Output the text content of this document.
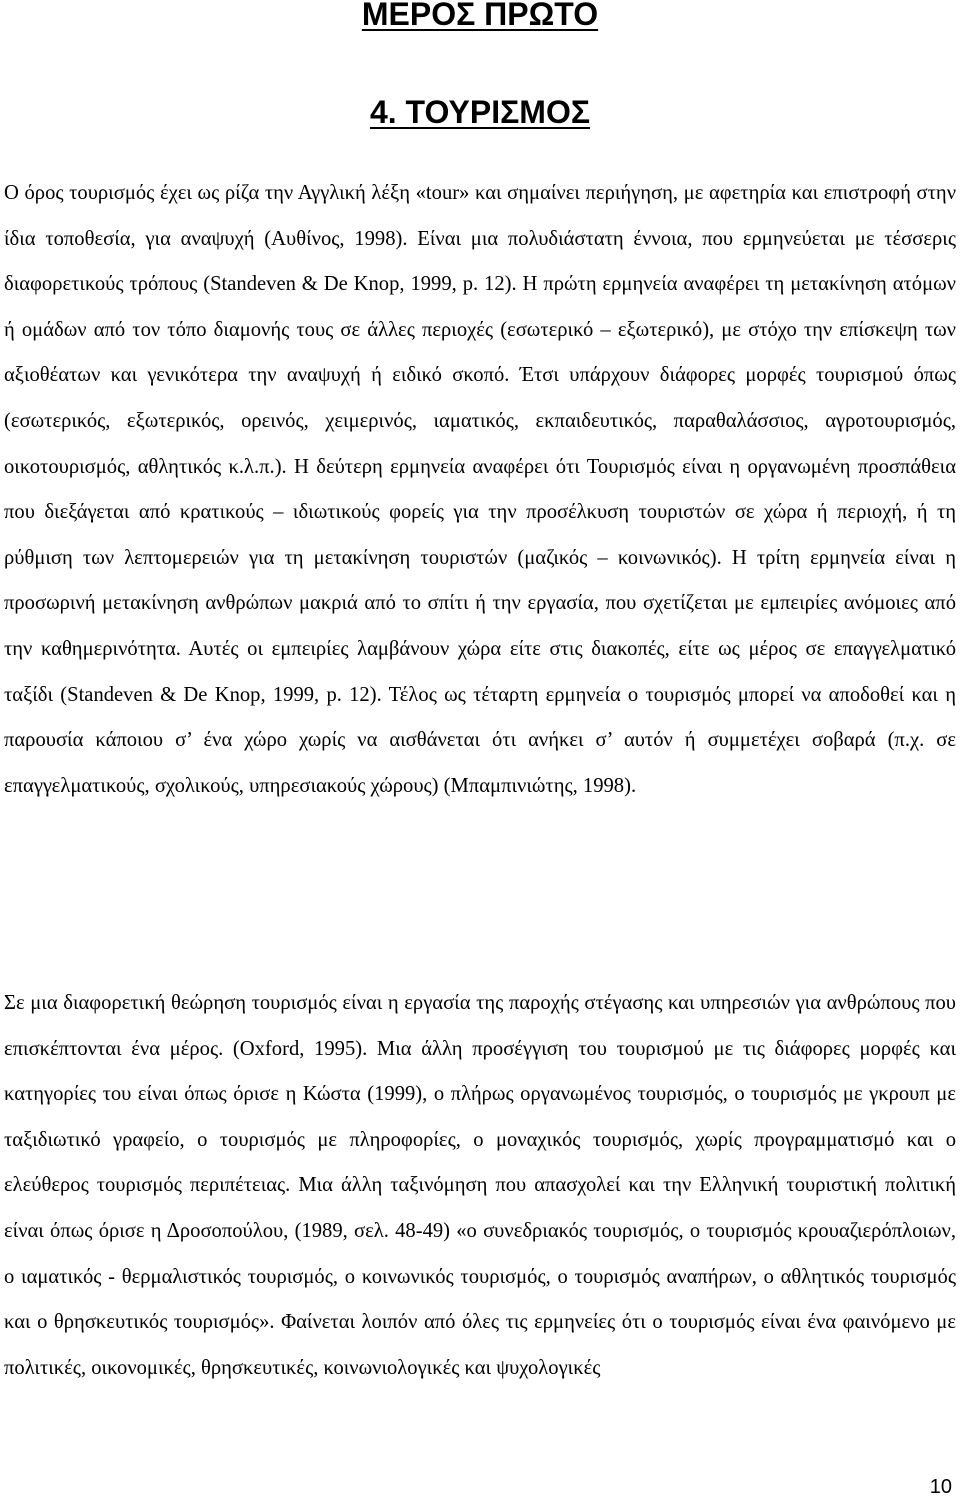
ΜΕΡΟΣ ΠΡΩΤΟ
4. ΤΟΥΡΙΣΜΟΣ

Ο όρος τουρισμός έχει ως ρίζα την Αγγλική λέξη «tour» και σημαίνει περιήγηση, με αφετηρία και επιστροφή στην ίδια τοποθεσία, για αναψυχή (Αυθίνος, 1998). Είναι μια πολυδιάστατη έννοια, που ερμηνεύεται με τέσσερις διαφορετικούς τρόπους (Standeven & De Knop, 1999, p. 12). Η πρώτη ερμηνεία αναφέρει τη μετακίνηση ατόμων ή ομάδων από τον τόπο διαμονής τους σε άλλες περιοχές (εσωτερικό – εξωτερικό), με στόχο την επίσκεψη των αξιοθέατων και γενικότερα την αναψυχή ή ειδικό σκοπό. Έτσι υπάρχουν διάφορες μορφές τουρισμού όπως (εσωτερικός, εξωτερικός, ορεινός, χειμερινός, ιαματικός, εκπαιδευτικός, παραθαλάσσιος, αγροτουρισμός, οικοτουρισμός, αθλητικός κ.λ.π.). Η δεύτερη ερμηνεία αναφέρει ότι Τουρισμός είναι η οργανωμένη προσπάθεια που διεξάγεται από κρατικούς – ιδιωτικούς φορείς για την προσέλκυση τουριστών σε χώρα ή περιοχή, ή τη ρύθμιση των λεπτομερειών για τη μετακίνηση τουριστών (μαζικός – κοινωνικός). Η τρίτη ερμηνεία είναι η προσωρινή μετακίνηση ανθρώπων μακριά από το σπίτι ή την εργασία, που σχετίζεται με εμπειρίες ανόμοιες από την καθημερινότητα. Αυτές οι εμπειρίες λαμβάνουν χώρα είτε στις διακοπές, είτε ως μέρος σε επαγγελματικό ταξίδι (Standeven & De Knop, 1999, p. 12). Τέλος ως τέταρτη ερμηνεία ο τουρισμός μπορεί να αποδοθεί και η παρουσία κάποιου σ’ ένα χώρο χωρίς να αισθάνεται ότι ανήκει σ’ αυτόν ή συμμετέχει σοβαρά (π.χ. σε επαγγελματικούς, σχολικούς, υπηρεσιακούς χώρους) (Μπαμπινιώτης, 1998).

Σε μια διαφορετική θεώρηση τουρισμός είναι η εργασία της παροχής στέγασης και υπηρεσιών για ανθρώπους που επισκέπτονται ένα μέρος. (Oxford, 1995). Μια άλλη προσέγγιση του τουρισμού με τις διάφορες μορφές και κατηγορίες του είναι όπως όρισε η Κώστα (1999), ο πλήρως οργανωμένος τουρισμός, ο τουρισμός με γκρουπ με ταξιδιωτικό γραφείο, ο τουρισμός με πληροφορίες, ο μοναχικός τουρισμός, χωρίς προγραμματισμό και ο ελεύθερος τουρισμός περιπέτειας. Μια άλλη ταξινόμηση που απασχολεί και την Ελληνική τουριστική πολιτική είναι όπως όρισε η Δροσοπούλου, (1989, σελ. 48-49) «ο συνεδριακός τουρισμός, ο τουρισμός κρουαζιερόπλοιων, ο ιαματικός - θερμαλιστικός τουρισμός, ο κοινωνικός τουρισμός, ο τουρισμός αναπήρων, ο αθλητικός τουρισμός και ο θρησκευτικός τουρισμός». Φαίνεται λοιπόν από όλες τις ερμηνείες ότι ο τουρισμός είναι ένα φαινόμενο με πολιτικές, οικονομικές, θρησκευτικές, κοινωνιολογικές και ψυχολογικές

10
